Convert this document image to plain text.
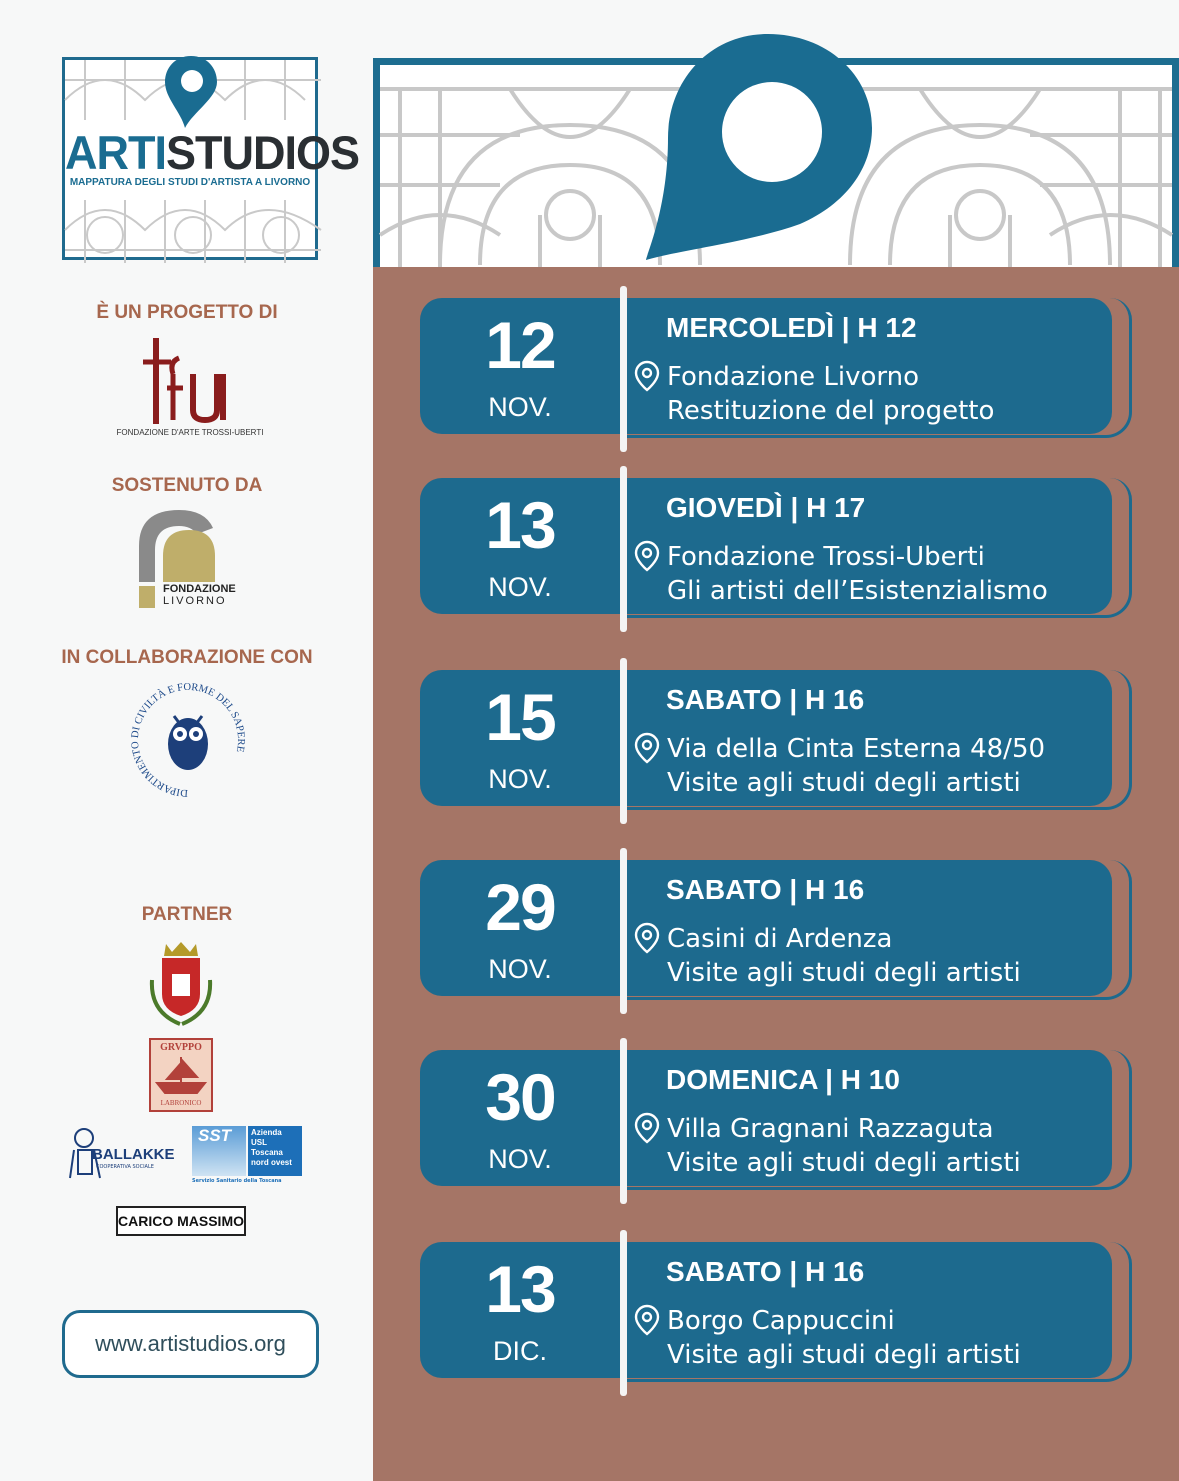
ARTISTUDIOS
MAPPATURA DEGLI STUDI D'ARTISTA A LIVORNO
È UN PROGETTO DI
FONDAZIONE D'ARTE TROSSI-UBERTI
SOSTENUTO DA
FONDAZIONE
LIVORNO
IN COLLABORAZIONE CON
DIPARTIMENTO DI CIVILTÀ E FORME DEL SAPERE
PARTNER
GRVPPO
LABRONICO
BALLAKKE
COOPERATIVA SOCIALE
SST	Azienda
USL
Toscana
nord ovest
Servizio Sanitario della Toscana
CARICO MASSIMO
www.artistudios.org
12
NOV.
MERCOLEDÌ | H 12
Fondazione Livorno
Restituzione del progetto
13
NOV.
GIOVEDÌ | H 17
Fondazione Trossi-Uberti
Gli artisti dell’Esistenzialismo
15
NOV.
SABATO | H 16
Via della Cinta Esterna 48/50
Visite agli studi degli artisti
29
NOV.
SABATO | H 16
Casini di Ardenza
Visite agli studi degli artisti
30
NOV.
DOMENICA | H 10
Villa Gragnani Razzaguta
Visite agli studi degli artisti
13
DIC.
SABATO | H 16
Borgo Cappuccini
Visite agli studi degli artisti
